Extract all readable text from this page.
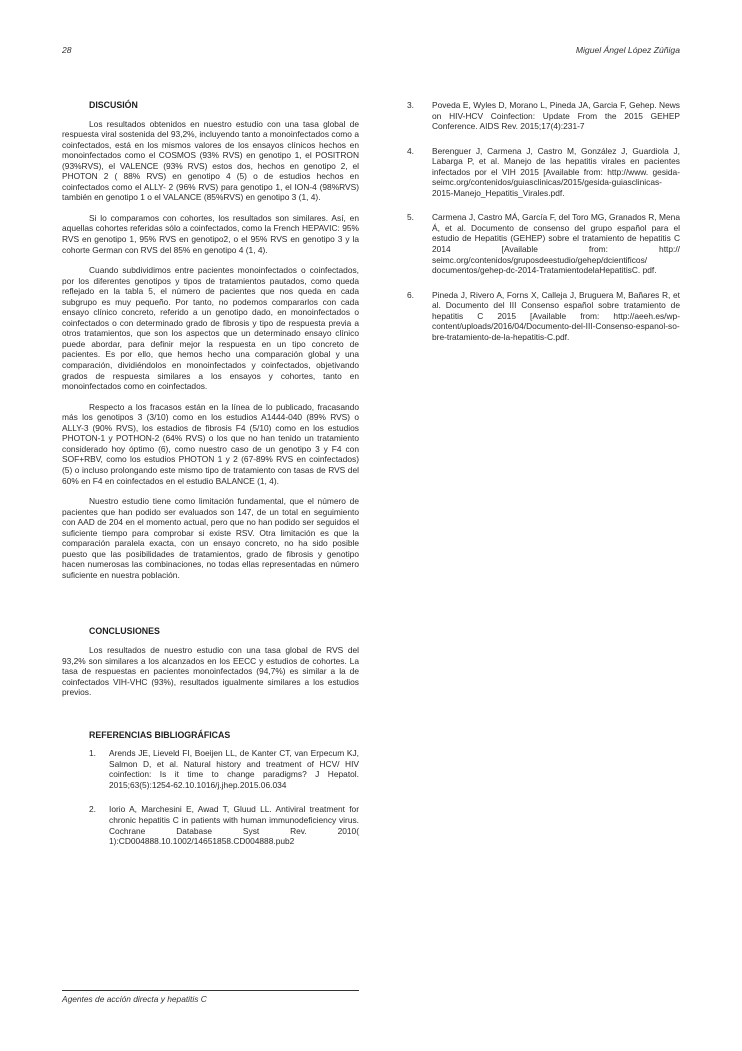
28	Miguel Ángel López Zúñiga
DISCUSIÓN

Los resultados obtenidos en nuestro estudio con una tasa global de respuesta viral sostenida del 93,2%, incluyendo tanto a monoinfectados como a coinfectados, está en los mismos valores de los ensayos clínicos hechos en monoinfectados como el COSMOS (93% RVS) en genotipo 1, el POSITRON (93%RVS), el VALENCE (93% RVS) estos dos, hechos en genotipo 2, el PHOTON 2 ( 88% RVS) en genotipo 4 (5) o de estudios hechos en coinfectados como el ALLY- 2 (96% RVS) para genotipo 1, el ION-4 (98%RVS) también en genotipo 1 o el VALANCE (85%RVS) en genotipo 3 (1, 4).

Si lo comparamos con cohortes, los resultados son similares. Así, en aquellas cohortes referidas sólo a coinfectados, como la French HEPAVIC: 95% RVS en genotipo 1, 95% RVS en genotipo2, o el 95% RVS en genotipo 3 y la cohorte German con RVS del 85% en genotipo 4 (1, 4).

Cuando subdividimos entre pacientes monoinfectados o coinfectados, por los diferentes genotipos y tipos de tratamientos pautados, como queda reflejado en la tabla 5, el número de pacientes que nos queda en cada subgrupo es muy pequeño. Por tanto, no podemos compararlos con cada ensayo clínico concreto, referido a un genotipo dado, en monoinfectados o coinfectados o con determinado grado de fibrosis y tipo de respuesta previa a otros tratamientos, que son los aspectos que un determinado ensayo clínico puede abordar, para definir mejor la respuesta en un tipo concreto de pacientes. Es por ello, que hemos hecho una comparación global y una comparación, dividiéndolos en monoinfectados y coinfectados, objetivando grados de respuesta similares a los ensayos y cohortes, tanto en monoinfectados como en coinfectados.

Respecto a los fracasos están en la línea de lo publicado, fracasando más los genotipos 3 (3/10) como en los estudios A1444-040 (89% RVS) o ALLY-3 (90% RVS), los estadios de fibrosis F4 (5/10) como en los estudios PHOTON-1 y POTHON-2 (64% RVS) o los que no han tenido un tratamiento considerado hoy óptimo (6), como nuestro caso de un genotipo 3 y F4 con SOF+RBV, como los estudios PHOTON 1 y 2 (67-89% RVS en coinfectados) (5) o incluso prolongando este mismo tipo de tratamiento con tasas de RVS del 60% en F4 en coinfectados en el estudio BALANCE (1, 4).

Nuestro estudio tiene como limitación fundamental, que el número de pacientes que han podido ser evaluados son 147, de un total en seguimiento con AAD de 204 en el momento actual, pero que no han podido ser seguidos el suficiente tiempo para comprobar si existe RSV. Otra limitación es que la comparación paralela exacta, con un ensayo concreto, no ha sido posible puesto que las posibilidades de tratamientos, grado de fibrosis y genotipo hacen numerosas las combinaciones, no todas ellas representadas en número suficiente en nuestra población.

CONCLUSIONES

Los resultados de nuestro estudio con una tasa global de RVS del 93,2% son similares a los alcanzados en los EECC y estudios de cohortes. La tasa de respuestas en pacientes monoinfectados (94,7%) es similar a la de coinfectados VIH-VHC (93%), resultados igualmente similares a los estudios previos.

REFERENCIAS BIBLIOGRÁFICAS
1.	Arends JE, Lieveld FI, Boeijen LL, de Kanter CT, van Erpecum KJ, Salmon D, et al. Natural history and treatment of HCV/ HIV coinfection: Is it time to change paradigms? J Hepatol. 2015;63(5):1254-62.10.1016/j.jhep.2015.06.034
2.	Iorio A, Marchesini E, Awad T, Gluud LL. Antiviral treatment for chronic hepatitis C in patients with human immunodeficiency virus. Cochrane Database Syst Rev. 2010( 1):CD004888.10.1002/14651858.CD004888.pub2
3.	Poveda E, Wyles D, Morano L, Pineda JA, Garcia F, Gehep. News on HIV-HCV Coinfection: Update From the 2015 GEHEP Conference. AIDS Rev. 2015;17(4):231-7
4.	Berenguer J, Carmena J, Castro M, González J, Guardiola J, Labarga P, et al. Manejo de las hepatitis virales en pacientes infectados por el VIH 2015 [Available from: http://www. gesida-seimc.org/contenidos/guiasclinicas/2015/gesida-guiasclinicas-2015-Manejo_Hepatitis_Virales.pdf.
5.	Carmena J, Castro MÁ, García F, del Toro MG, Granados R, Mena Á, et al. Documento de consenso del grupo español para el estudio de Hepatitis (GEHEP) sobre el tratamiento de hepatitis C 2014 [Available from: http:// seimc.org/contenidos/gruposdeestudio/gehep/dcientificos/ documentos/gehep-dc-2014-TratamientodelaHepatitisC. pdf.
6.	Pineda J, Rivero A, Forns X, Calleja J, Bruguera M, Bañares R, et al. Documento del III Consenso español sobre tratamiento de hepatitis C 2015 [Available from: http://aeeh.es/wp-content/uploads/2016/04/Documento-del-III-Consenso-espanol-so-bre-tratamiento-de-la-hepatitis-C.pdf.
Agentes de acción directa y hepatitis C
